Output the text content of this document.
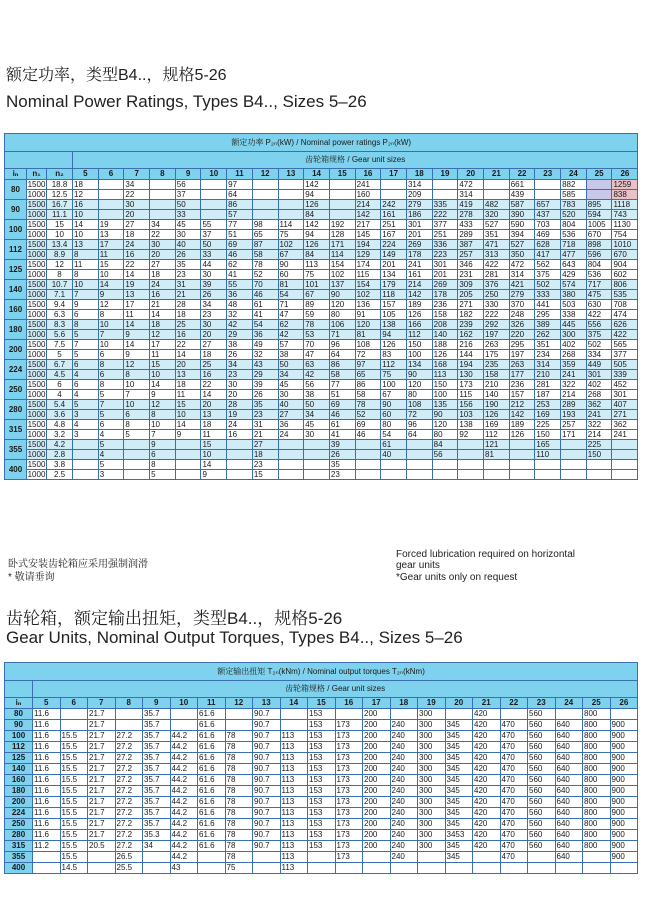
额定功率，类型B4..，规格5-26
Nominal Power Ratings, Types B4.., Sizes 5–26
额定功率 P₂ₙ(kW) / Nominal power ratings P₂ₙ(kW)																								
			齿轮箱规格 / Gear unit sizes																					
iₙ	n₁	n₂	5	6	7	8	9	10	11	12	13	14	15	16	17	18	19	20	21	22	23	24	25	26
80	1500	18.8	18		34		56		97			142		241		314		472		661		882		1259
	1000	12.5	12		22		37		64			94		160		209		314		439		585		838
90	1500	16.7	16		30		50		86			126		214	242	279	335	419	482	587	657	783	895	1118
	1000	11.1	10		20		33		57			84		142	161	186	222	278	320	390	437	520	594	743
100	1500	15	14	19	27	34	45	55	77	98	114	142	192	217	251	301	377	433	527	590	703	804	1005	1130
	1000	10	10	13	18	22	30	37	51	65	75	94	128	145	167	201	251	289	351	394	469	536	670	754
112	1500	13.4	13	17	24	30	40	50	69	87	102	126	171	194	224	269	336	387	471	527	628	718	898	1010
	1000	8.9	8	11	16	20	26	33	46	58	67	84	114	129	149	178	223	257	313	350	417	477	596	670
125	1500	12	11	15	22	27	35	44	62	78	90	113	154	174	201	241	301	346	422	472	562	643	804	904
	1000	8	8	10	14	18	23	30	41	52	60	75	102	115	134	161	201	231	281	314	375	429	536	602
140	1500	10.7	10	14	19	24	31	39	55	70	81	101	137	154	179	214	269	309	376	421	502	574	717	806
	1000	7.1	7	9	13	16	21	26	36	46	54	67	90	102	118	142	178	205	250	279	333	380	475	535
160	1500	9.4	9	12	17	21	28	34	48	61	71	89	120	136	157	189	236	271	330	370	441	503	630	708
	1000	6.3	6	8	11	14	18	23	32	41	47	59	80	91	105	126	158	182	222	248	295	338	422	474
180	1500	8.3	8	10	14	18	25	30	42	54	62	78	106	120	138	166	208	239	292	326	389	445	556	626
	1000	5.6	5	7	9	12	16	20	29	36	42	53	71	81	94	112	140	162	197	220	262	300	375	422
200	1500	7.5	7	10	14	17	22	27	38	49	57	70	96	108	126	150	188	216	263	295	351	402	502	565
	1000	5	5	6	9	11	14	18	26	32	38	47	64	72	83	100	126	144	175	197	234	268	334	377
224	1500	6.7	6	8	12	15	20	25	34	43	50	63	86	97	112	134	168	194	235	263	314	359	449	505
	1000	4.5	4	6	8	10	13	16	23	29	34	42	58	65	75	90	113	130	158	177	210	241	301	339
250	1500	6	6	8	10	14	18	22	30	39	45	56	77	86	100	120	150	173	210	236	281	322	402	452
	1000	4	4	5	7	9	11	14	20	26	30	38	51	58	67	80	100	115	140	157	187	214	268	301
280	1500	5.4	5	7	10	12	15	20	28	35	40	50	69	78	90	108	135	156	190	212	253	289	362	407
	1000	3.6	3	5	6	8	10	13	19	23	27	34	46	52	60	72	90	103	126	142	169	193	241	271
315	1500	4.8	4	6	8	10	14	18	24	31	36	45	61	69	80	96	120	138	169	189	225	257	322	362
	1000	3.2	3	4	5	7	9	11	16	21	24	30	41	46	54	64	80	92	112	126	150	171	214	241
355	1500	4.2		5		9		15		27			39		61		84		121		165		225	
	1000	2.8		4		6		10		18			26		40		56		81		110		150	
400	1500	3.8		5		8		14		23			35											
	1000	2.5		3		5		9		15			23											
卧式安装齿轮箱应采用强制润滑
* 敬请垂询
Forced lubrication required on horizontal gear units
*Gear units only on request
齿轮箱，额定输出扭矩，类型B4..，规格5-26
Gear Units, Nominal Output Torques, Types B4.., Sizes 5–26
额定输出扭矩 T₂ₙ(kNm) / Nominal output torques T₂ₙ(kNm)																						
	齿轮箱规格 / Gear unit sizes																					
iₙ	5	6	7	8	9	10	11	12	13	14	15	16	17	18	19	20	21	22	23	24	25	26
80	11.6		21.7		35.7		61.6		90.7		153		200		300		420		560		800	
90	11.6		21.7		35.7		61.6		90.7		153	173	200	240	300	345	420	470	560	640	800	900
100	11.6	15.5	21.7	27.2	35.7	44.2	61.6	78	90.7	113	153	173	200	240	300	345	420	470	560	640	800	900
112	11.6	15.5	21.7	27.2	35.7	44.2	61.6	78	90.7	113	153	173	200	240	300	345	420	470	560	640	800	900
125	11.6	15.5	21.7	27.2	35.7	44.2	61.6	78	90.7	113	153	173	200	240	300	345	420	470	560	640	800	900
140	11.6	15.5	21.7	27.2	35.7	44.2	61.6	78	90.7	113	153	173	200	240	300	345	420	470	560	640	800	900
160	11.6	15.5	21.7	27.2	35.7	44.2	61.6	78	90.7	113	153	173	200	240	300	345	420	470	560	640	800	900
180	11.6	15.5	21.7	27.2	35.7	44.2	61.6	78	90.7	113	153	173	200	240	300	345	420	470	560	640	800	900
200	11.6	15.5	21.7	27.2	35.7	44.2	61.6	78	90.7	113	153	173	200	240	300	345	420	470	560	640	800	900
224	11.6	15.5	21.7	27.2	35.7	44.2	61.6	78	90.7	113	153	173	200	240	300	345	420	470	560	640	800	900
250	11.6	15.5	21.7	27.2	35.7	44.2	61.6	78	90.7	113	153	173	200	240	300	345	420	470	560	640	800	900
280	11.6	15.5	21.7	27.2	35.3	44.2	61.6	78	90.7	113	153	173	200	240	300	3453	420	470	560	640	800	900
315	11.2	15.5	20.5	27.2	34	44.2	61.6	78	90.7	113	153	173	200	240	300	345	420	470	560	640	800	900
355		15.5		26.5		44.2		78		113		173		240		345		470		640		900
400		14.5		25.5		43		75		113												
